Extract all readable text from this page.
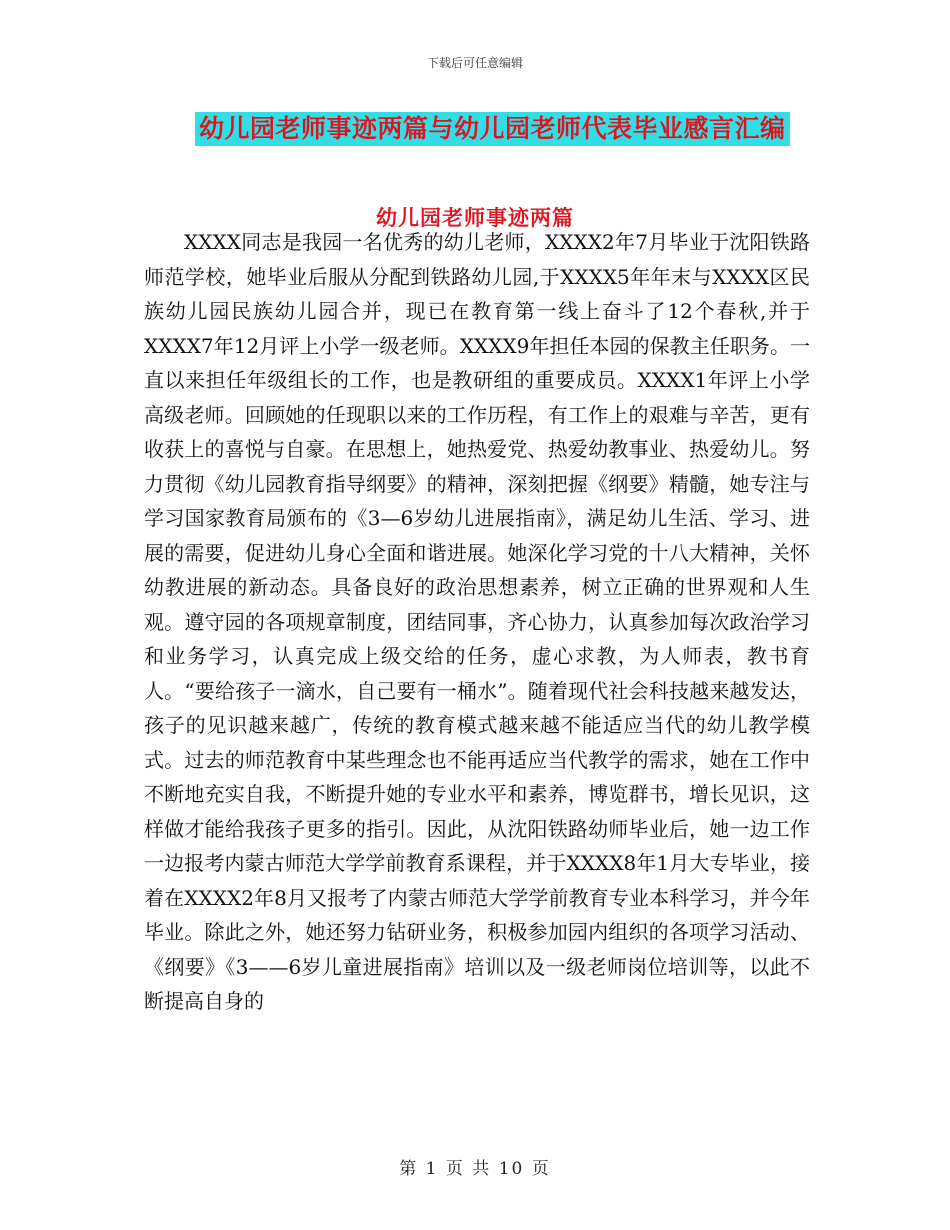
下载后可任意编辑
幼儿园老师事迹两篇与幼儿园老师代表毕业感言汇编
幼儿园老师事迹两篇

XXXX同志是我园一名优秀的幼儿老师，XXXX2年7月毕业于沈阳铁路师范学校，她毕业后服从分配到铁路幼儿园,于XXXX5年年末与XXXX区民族幼儿园民族幼儿园合并，现已在教育第一线上奋斗了12个春秋,并于 XXXX7年12月评上小学一级老师。XXXX9年担任本园的保教主任职务。一直以来担任年级组长的工作，也是教研组的重要成员。XXXX1年评上小学高级老师。回顾她的任现职以来的工作历程，有工作上的艰难与辛苦，更有收获上的喜悦与自豪。在思想上，她热爱党、热爱幼教事业、热爱幼儿。努力贯彻《幼儿园教育指导纲要》的精神，深刻把握《纲要》精髓，她专注与学习国家教育局颁布的《3—6岁幼儿进展指南》，满足幼儿生活、学习、进展的需要，促进幼儿身心全面和谐进展。她深化学习党的十八大精神，关怀幼教进展的新动态。具备良好的政治思想素养，树立正确的世界观和人生观。遵守园的各项规章制度，团结同事，齐心协力，认真参加每次政治学习和业务学习，认真完成上级交给的任务，虚心求教，为人师表，教书育人。“要给孩子一滴水，自己要有一桶水”。随着现代社会科技越来越发达，孩子的见识越来越广，传统的教育模式越来越不能适应当代的幼儿教学模式。过去的师范教育中某些理念也不能再适应当代教学的需求，她在工作中不断地充实自我，不断提升她的专业水平和素养，博览群书，增长见识，这样做才能给我孩子更多的指引。因此，从沈阳铁路幼师毕业后，她一边工作一边报考内蒙古师范大学学前教育系课程，并于XXXX8年1月大专毕业，接着在XXXX2年8月又报考了内蒙古师范大学学前教育专业本科学习，并今年毕业。除此之外，她还努力钻研业务，积极参加园内组织的各项学习活动、《纲要》《3——6岁儿童进展指南》培训以及一级老师岗位培训等，以此不断提高自身的

第 1 页 共 10 页
